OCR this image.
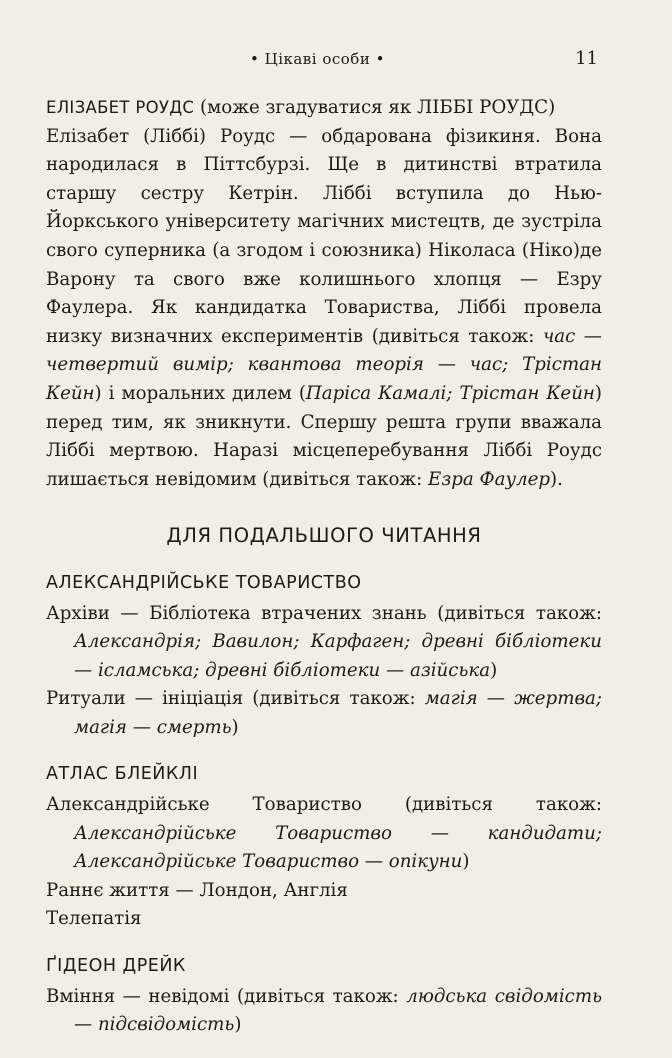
• Цікаві особи •	11

ЕЛІЗАБЕТ РОУДС (може згадуватися як ЛІББІ РОУДС)
Елізабет (Ліббі) Роудс — обдарована фізикиня. Вона народилася в Піттсбурзі. Ще в дитинстві втратила старшу сестру Кетрін. Ліббі вступила до Нью-Йоркського університету магічних мистецтв, де зустріла свого суперника (а згодом і союзника) Ніколаса (Ніко)де Варону та свого вже колишнього хлопця — Езру Фаулера. Як кандидатка Товариства, Ліббі провела низку визначних експериментів (дивіться також: час — четвертий вимір; квантова теорія — час; Трістан Кейн) і моральних дилем (Паріса Камалі; Трістан Кейн) перед тим, як зникнути. Спершу решта групи вважала Ліббі мертвою. Наразі місцеперебування Ліббі Роудс лишається невідомим (дивіться також: Езра Фаулер).

ДЛЯ ПОДАЛЬШОГО ЧИТАННЯ
АЛЕКСАНДРІЙСЬКЕ ТОВАРИСТВО

Архіви — Бібліотека втрачених знань (дивіться також: Александрія; Вавилон; Карфаген; древні бібліотеки — ісламська; древні бібліотеки — азійська)

Ритуали — ініціація (дивіться також: магія — жертва; магія — смерть)

АТЛАС БЛЕЙКЛІ

Александрійське Товариство (дивіться також: Александрійське Товариство — кандидати; Александрійське Товариство — опікуни)

Раннє життя — Лондон, Англія

Телепатія

ҐІДЕОН ДРЕЙК

Вміння — невідомі (дивіться також: людська свідомість — підсвідомість)
